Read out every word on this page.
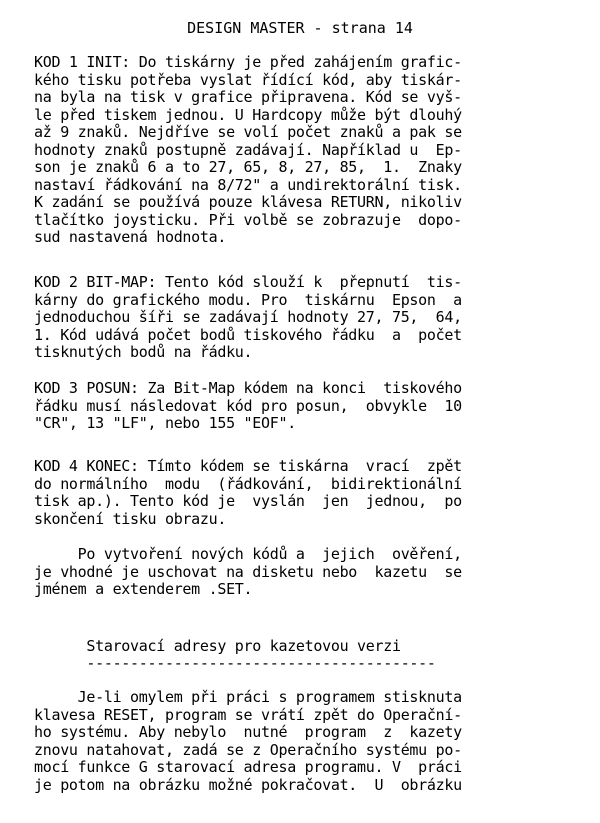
DESIGN MASTER - strana 14
KOD 1 INIT: Do tiskárny je před zahájením grafic-
kého tisku potřeba vyslat řídící kód, aby tiskár-
na byla na tisk v grafice připravena. Kód se vyš-
le před tiskem jednou. U Hardcopy může být dlouhý
až 9 znaků. Nejdříve se volí počet znaků a pak se
hodnoty znaků postupně zadávají. Například u  Ep-
son je znaků 6 a to 27, 65, 8, 27, 85,  1.  Znaky
nastaví řádkování na 8/72" a undirektorální tisk.
K zadání se používá pouze klávesa RETURN, nikoliv
tlačítko joysticku. Při volbě se zobrazuje  dopo-
sud nastavená hodnota.
KOD 2 BIT-MAP: Tento kód slouží k  přepnutí  tis-
kárny do grafického modu. Pro  tiskárnu  Epson  a
jednoduchou šíři se zadávají hodnoty 27, 75,  64,
1. Kód udává počet bodů tiskového řádku  a  počet
tisknutých bodů na řádku.
KOD 3 POSUN: Za Bit-Map kódem na konci  tiskového
řádku musí následovat kód pro posun,  obvykle  10
"CR", 13 "LF", nebo 155 "EOF".
KOD 4 KONEC: Tímto kódem se tiskárna  vrací  zpět
do normálního  modu  (řádkování,  bidirektionální
tisk ap.). Tento kód je  vyslán  jen  jednou,  po
skončení tisku obrazu.
Po vytvoření nových kódů a  jejich  ověření,
je vhodné je uschovat na disketu nebo  kazetu  se
jménem a extenderem .SET.
Starovací adresy pro kazetovou verzi
----------------------------------------
Je-li omylem při práci s programem stisknuta
klavesa RESET, program se vrátí zpět do Operační-
ho systému. Aby nebylo  nutné  program  z  kazety
znovu natahovat, zadá se z Operačního systému po-
mocí funkce G starovací adresa programu. V  práci
je potom na obrázku možné pokračovat.  U  obrázku
